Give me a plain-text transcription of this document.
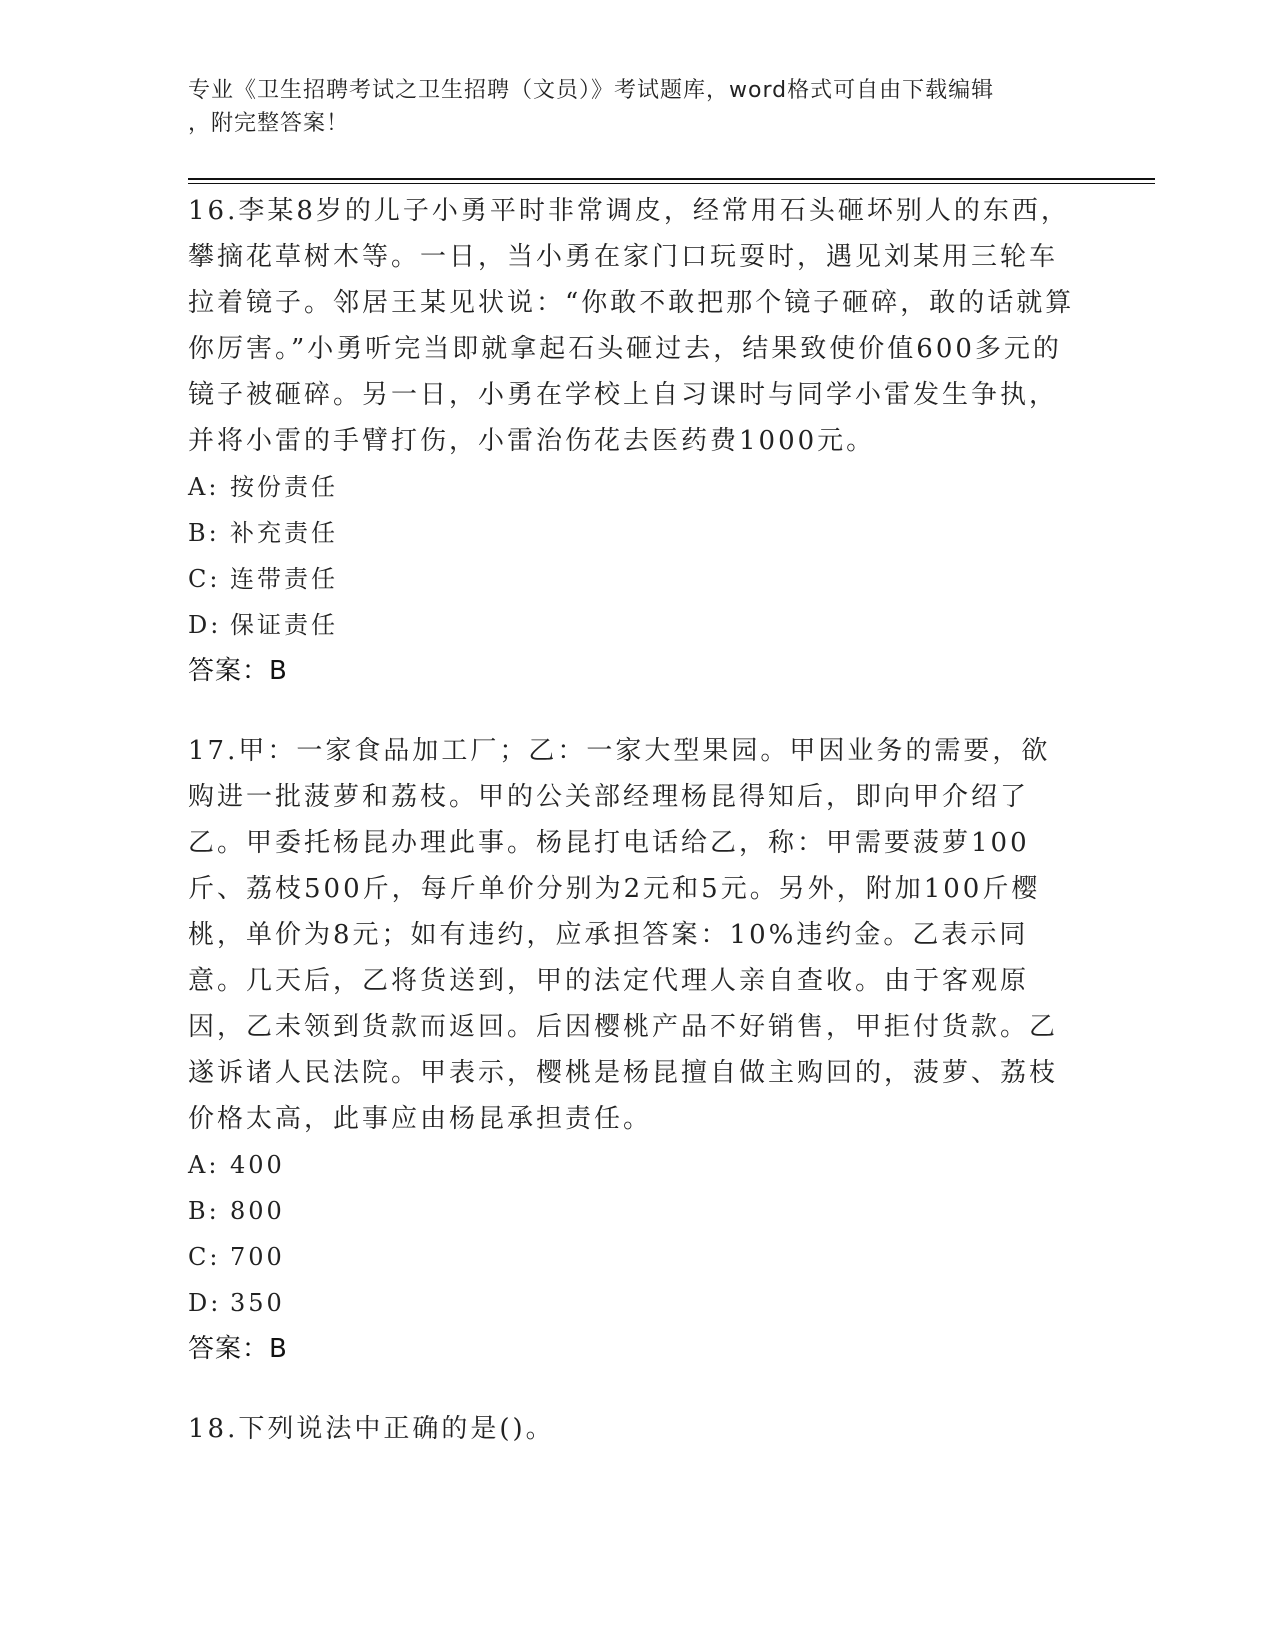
专业《卫生招聘考试之卫生招聘（文员）》考试题库，word格式可自由下载编辑
，附完整答案！

16.李某8岁的儿子小勇平时非常调皮，经常用石头砸坏别人的东西，攀摘花草树木等。一日，当小勇在家门口玩耍时，遇见刘某用三轮车拉着镜子。邻居王某见状说：“你敢不敢把那个镜子砸碎，敢的话就算你厉害。”小勇听完当即就拿起石头砸过去，结果致使价值600多元的镜子被砸碎。另一日，小勇在学校上自习课时与同学小雷发生争执，并将小雷的手臂打伤，小雷治伤花去医药费1000元。

A: 按份责任
B: 补充责任
C: 连带责任
D: 保证责任

答案：B

17.甲：一家食品加工厂；乙：一家大型果园。甲因业务的需要，欲购进一批菠萝和荔枝。甲的公关部经理杨昆得知后，即向甲介绍了乙。甲委托杨昆办理此事。杨昆打电话给乙，称：甲需要菠萝100斤、荔枝500斤，每斤单价分别为2元和5元。另外，附加100斤樱桃，单价为8元；如有违约，应承担答案：10%违约金。乙表示同意。几天后，乙将货送到，甲的法定代理人亲自查收。由于客观原因，乙未领到货款而返回。后因樱桃产品不好销售，甲拒付货款。乙遂诉诸人民法院。甲表示，樱桃是杨昆擅自做主购回的，菠萝、荔枝价格太高，此事应由杨昆承担责任。

A: 400
B: 800
C: 700
D: 350

答案：B

18.下列说法中正确的是()。
